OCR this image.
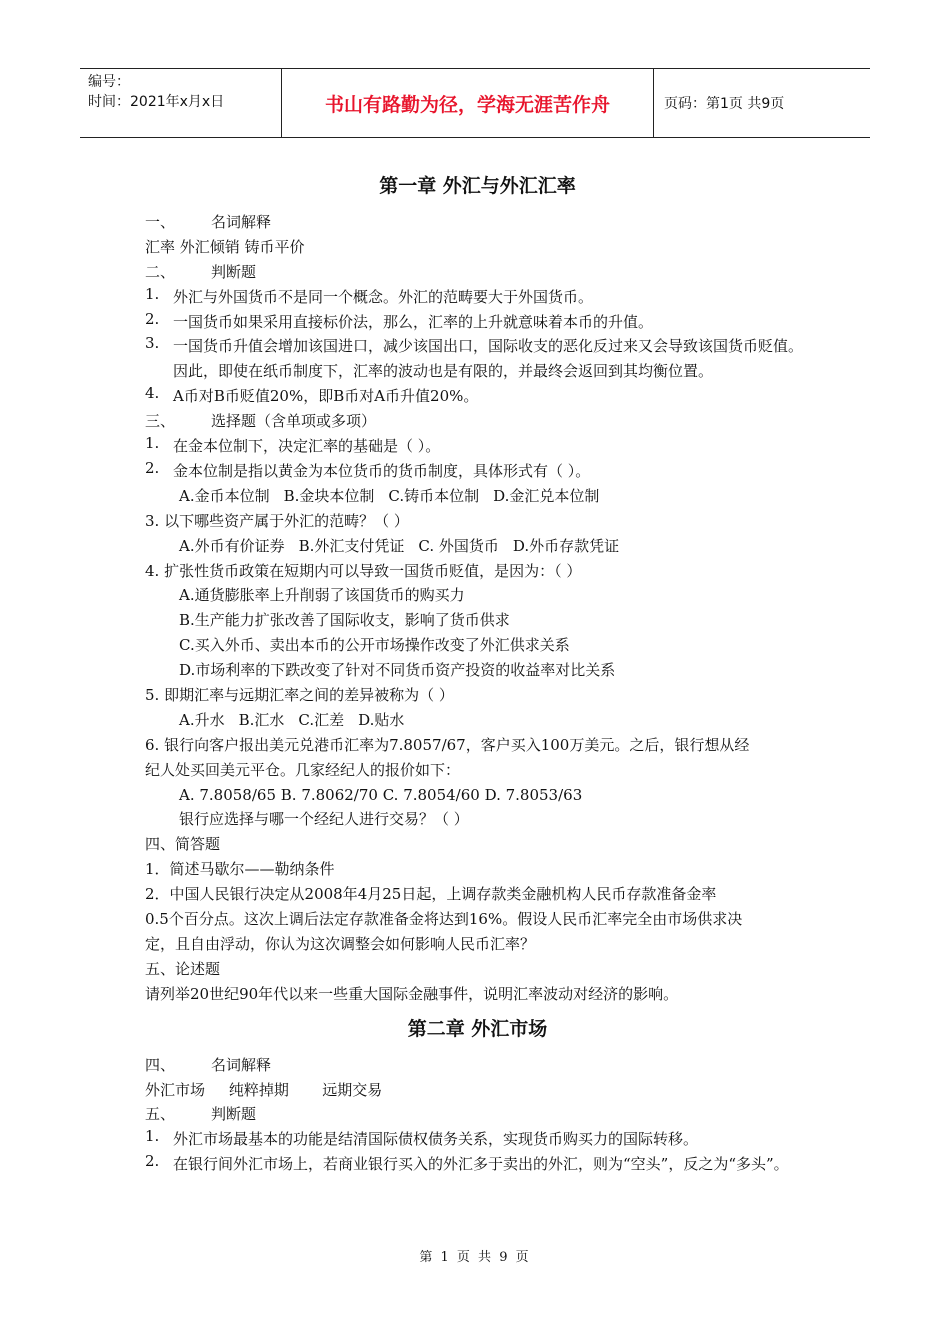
编号：
时间：2021年x月x日	书山有路勤为径，学海无涯苦作舟	页码：第1页 共9页
第一章 外汇与外汇汇率
一、 名词解释
汇率 外汇倾销 铸币平价
二、 判断题
1. 外汇与外国货币不是同一个概念。外汇的范畴要大于外国货币。
2. 一国货币如果采用直接标价法，那么，汇率的上升就意味着本币的升值。
3. 一国货币升值会增加该国进口，减少该国出口，国际收支的恶化反过来又会导致该国货币贬值。因此，即使在纸币制度下，汇率的波动也是有限的，并最终会返回到其均衡位置。
4. A币对B币贬值20%，即B币对A币升值20%。
三、 选择题（含单项或多项）
1. 在金本位制下，决定汇率的基础是（ ）。
2. 金本位制是指以黄金为本位货币的货币制度，具体形式有（ ）。
A.金币本位制 B.金块本位制 C.铸币本位制 D.金汇兑本位制
3. 以下哪些资产属于外汇的范畴？（ ）
A.外币有价证券 B.外汇支付凭证 C. 外国货币 D.外币存款凭证
4. 扩张性货币政策在短期内可以导致一国货币贬值，是因为：（ ）
A.通货膨胀率上升削弱了该国货币的购买力
B.生产能力扩张改善了国际收支，影响了货币供求
C.买入外币、卖出本币的公开市场操作改变了外汇供求关系
D.市场利率的下跌改变了针对不同货币资产投资的收益率对比关系
5. 即期汇率与远期汇率之间的差异被称为（ ）
A.升水 B.汇水 C.汇差 D.贴水
6. 银行向客户报出美元兑港币汇率为7.8057/67，客户买入100万美元。之后，银行想从经
纪人处买回美元平仓。几家经纪人的报价如下：
A. 7.8058/65 B. 7.8062/70 C. 7.8054/60 D. 7.8053/63
银行应选择与哪一个经纪人进行交易？（ ）
四、简答题
1．简述马歇尔——勒纳条件
2．中国人民银行决定从2008年4月25日起，上调存款类金融机构人民币存款准备金率
0.5个百分点。这次上调后法定存款准备金将达到16%。假设人民币汇率完全由市场供求决
定，且自由浮动，你认为这次调整会如何影响人民币汇率？
五、论述题
请列举20世纪90年代以来一些重大国际金融事件，说明汇率波动对经济的影响。
第二章 外汇市场
四、 名词解释
外汇市场     纯粹掉期       远期交易
五、 判断题
1. 外汇市场最基本的功能是结清国际债权债务关系，实现货币购买力的国际转移。
2. 在银行间外汇市场上，若商业银行买入的外汇多于卖出的外汇，则为“空头”，反之为“多头”。
第 1 页 共 9 页
